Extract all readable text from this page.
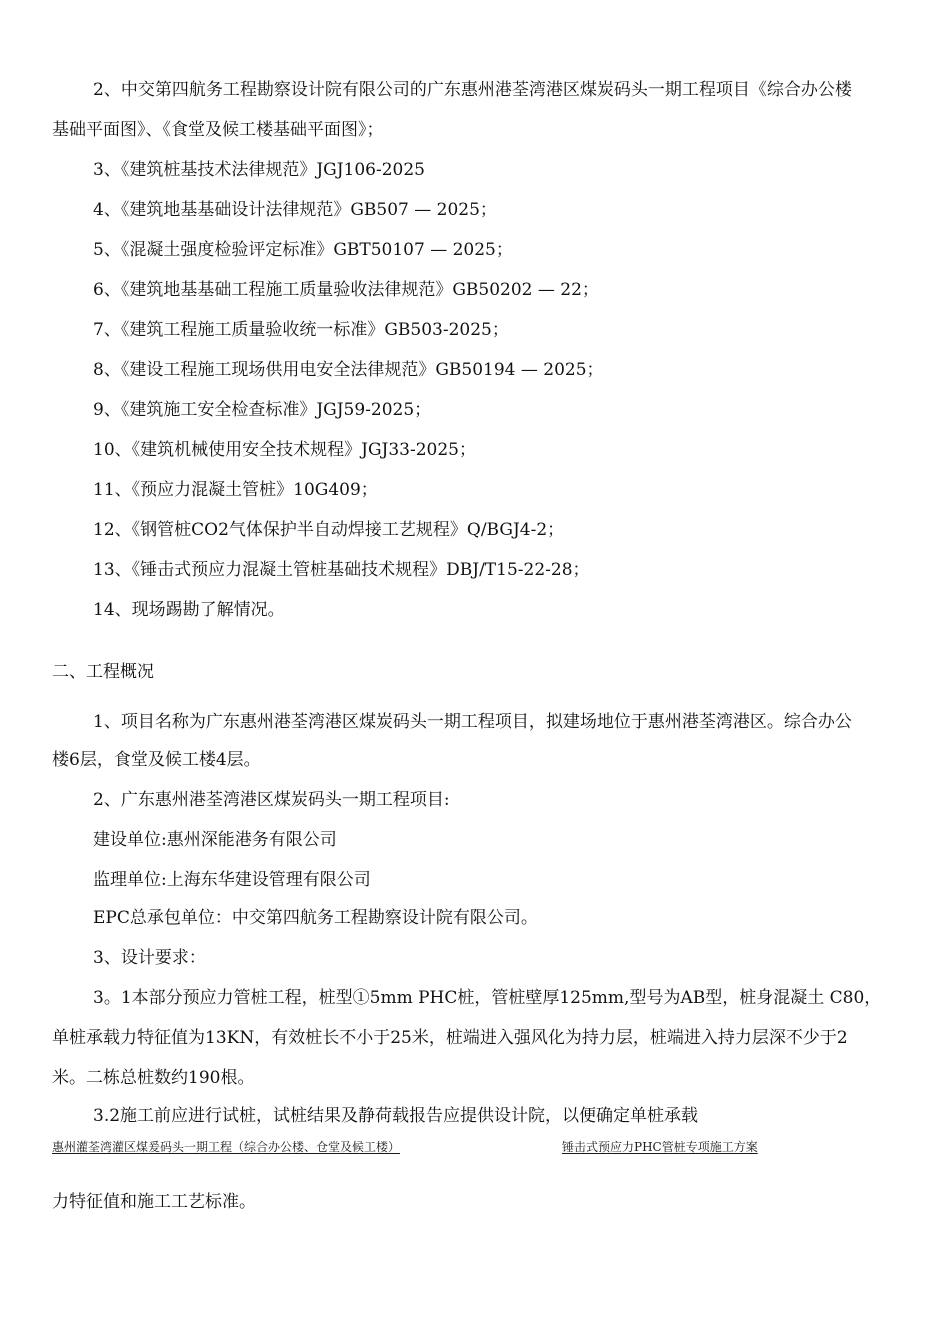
2、中交第四航务工程勘察设计院有限公司的广东惠州港荃湾港区煤炭码头一期工程项目《综合办公楼
基础平面图》、《食堂及候工楼基础平面图》；
3、《建筑桩基技术法律规范》JGJ106-2025
4、《建筑地基基础设计法律规范》GB507 — 2025；
5、《混凝土强度检验评定标准》GBT50107 — 2025；
6、《建筑地基基础工程施工质量验收法律规范》GB50202 — 22；
7、《建筑工程施工质量验收统一标准》GB503-2025；
8、《建设工程施工现场供用电安全法律规范》GB50194 — 2025；
9、《建筑施工安全检查标准》JGJ59-2025；
10、《建筑机械使用安全技术规程》JGJ33-2025；
11、《预应力混凝土管桩》10G409；
12、《钢管桩CO2气体保护半自动焊接工艺规程》Q/BGJ4-2；
13、《锤击式预应力混凝土管桩基础技术规程》DBJ/T15-22-28；
14、现场踢勘了解情况。
二、工程概况
1、项目名称为广东惠州港荃湾港区煤炭码头一期工程项目，拟建场地位于惠州港荃湾港区。综合办公
楼6层，食堂及候工楼4层。
2、广东惠州港荃湾港区煤炭码头一期工程项目:
建设单位:惠州深能港务有限公司
监理单位:上海东华建设管理有限公司
EPC总承包单位：中交第四航务工程勘察设计院有限公司。
3、设计要求：
3。1本部分预应力管桩工程，桩型①5mm PHC桩，管桩壁厚125mm,型号为AB型，桩身混凝土 C80，
单桩承载力特征值为13KN，有效桩长不小于25米，桩端进入强风化为持力层，桩端进入持力层深不少于2
米。二栋总桩数约190根。
3.2施工前应进行试桩，试桩结果及静荷载报告应提供设计院，以便确定单桩承载
惠州灌荃湾灌区煤爰码头一期工程（综合办公楼、仓堂及候工楼）	锤击式预应力PHC管桩专项施工方案
力特征值和施工工艺标准。
